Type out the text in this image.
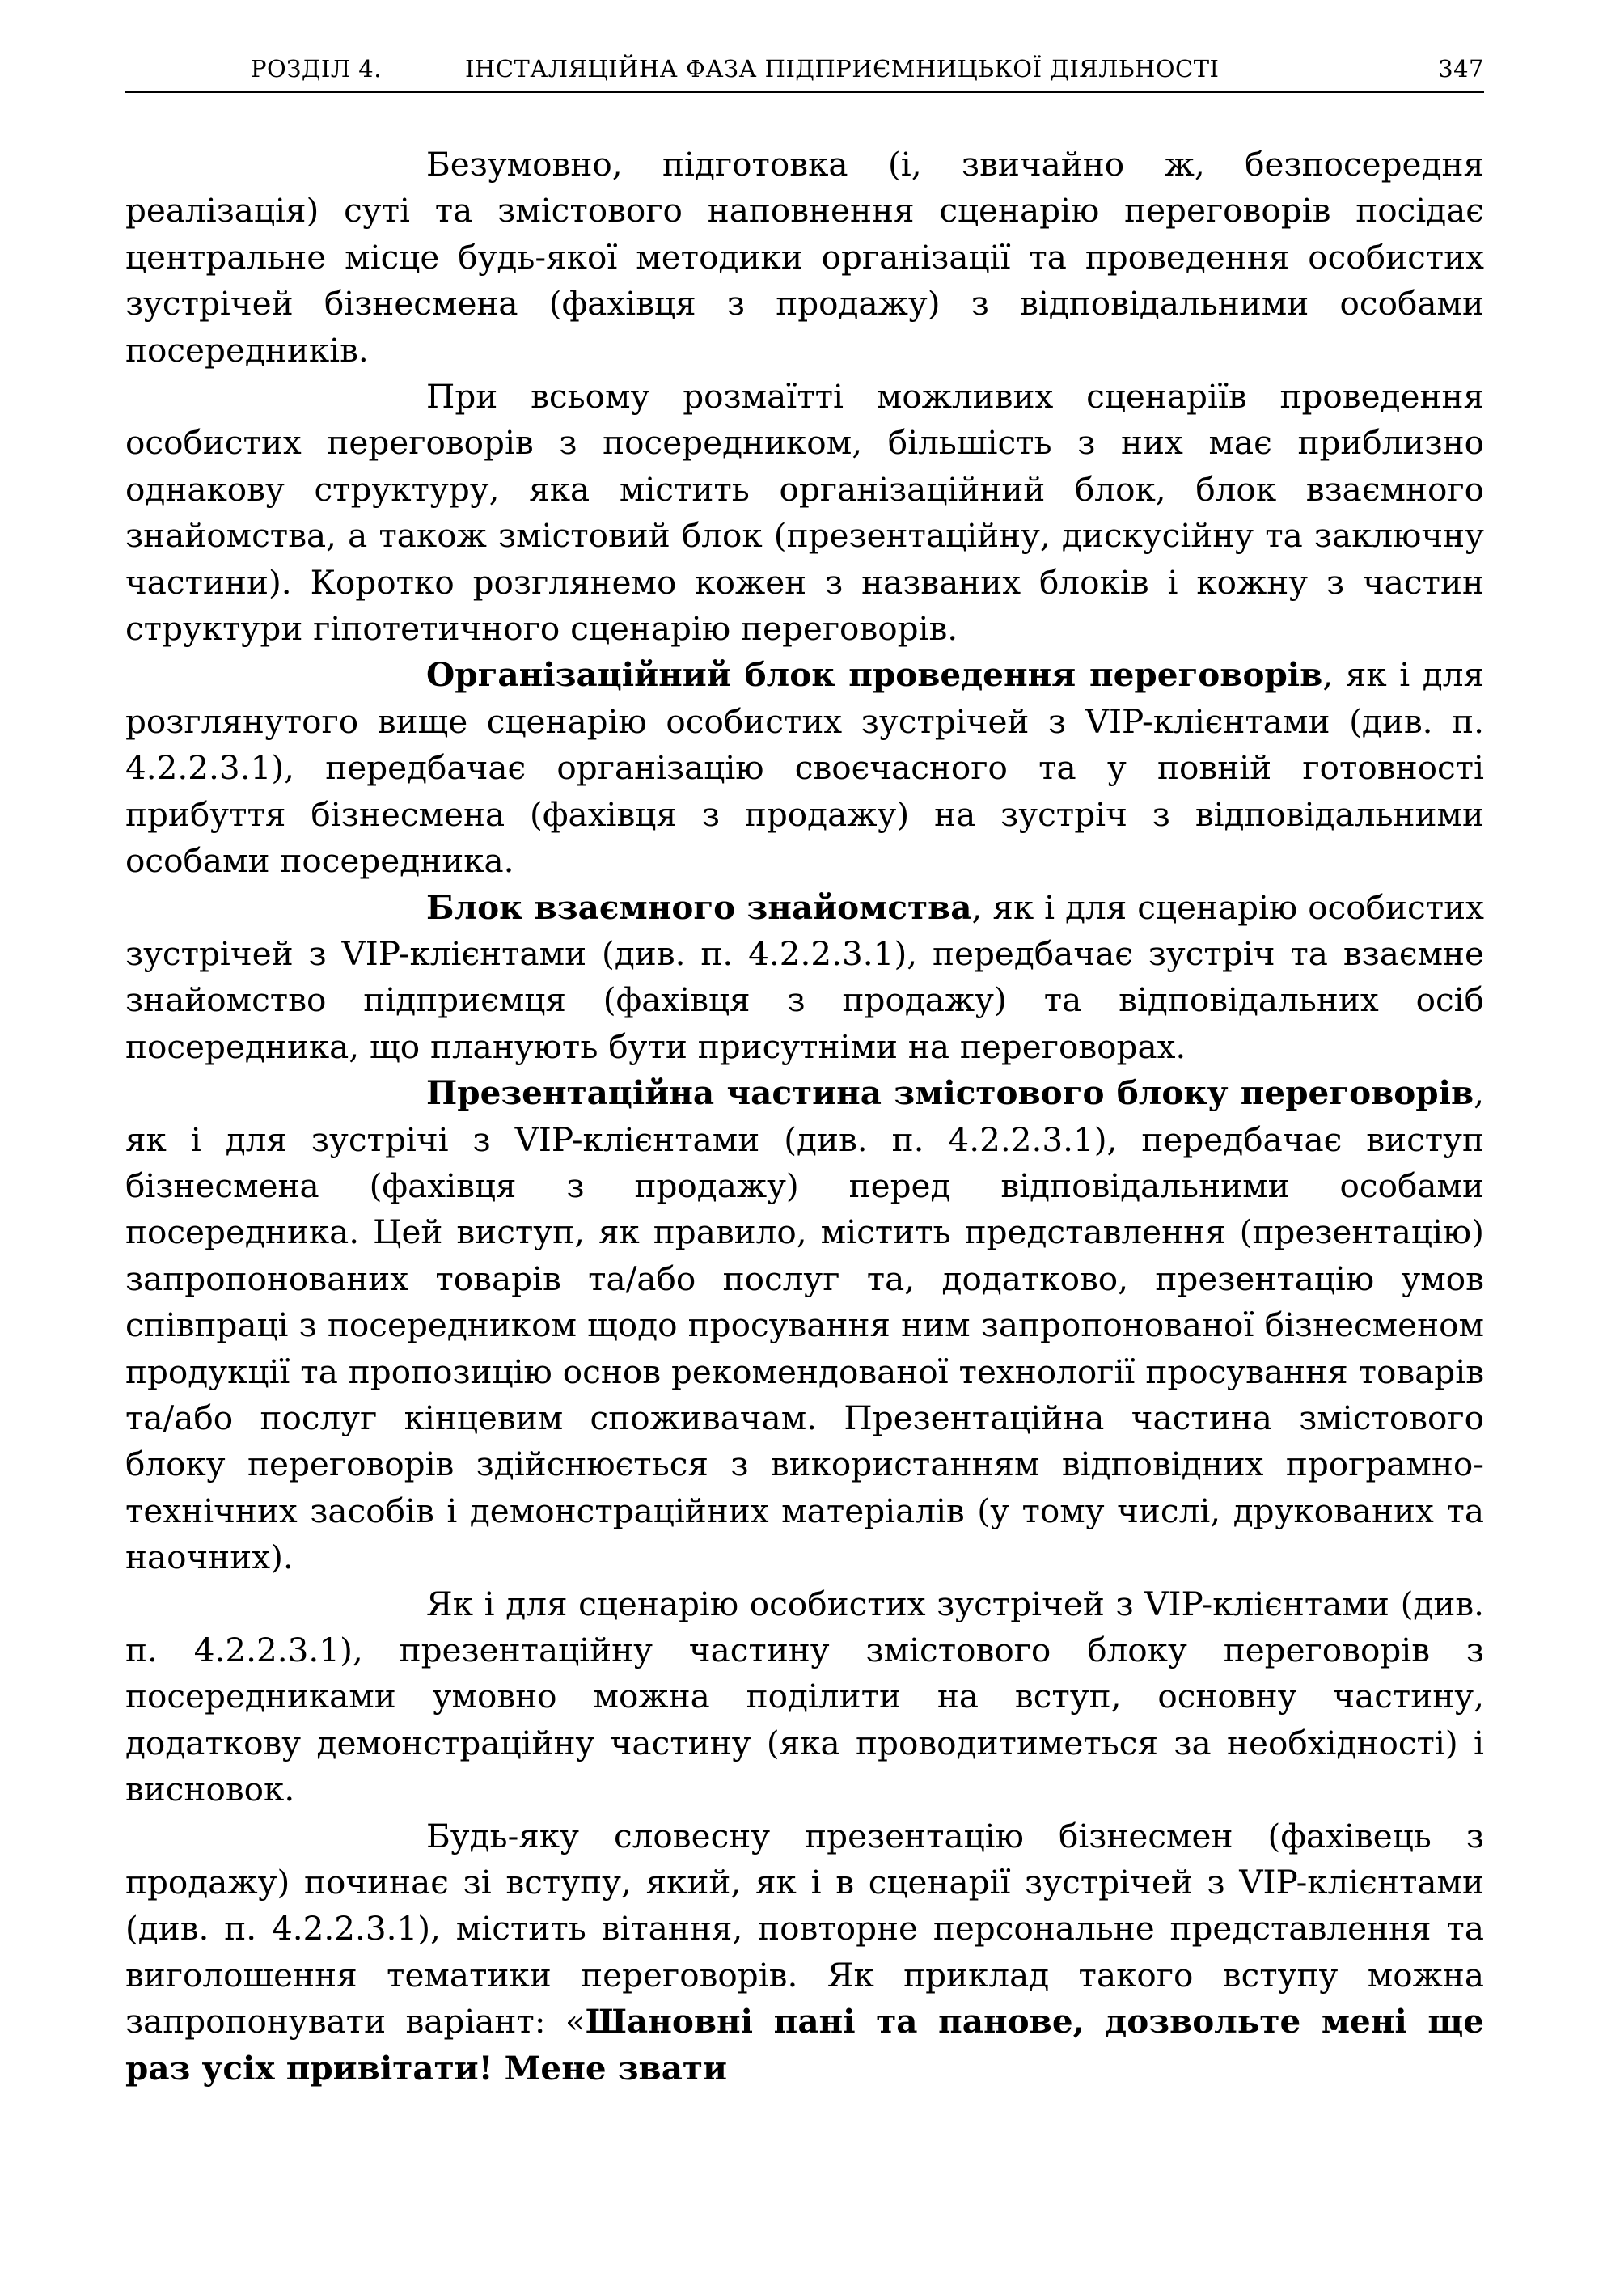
РОЗДІЛ 4.	ІНСТАЛЯЦІЙНА ФАЗА ПІДПРИЄМНИЦЬКОЇ ДІЯЛЬНОСТІ	347

Безумовно, підготовка (і, звичайно ж, безпосередня реалізація) суті та змістового наповнення сценарію переговорів посідає центральне місце будь-якої методики організації та проведення особистих зустрічей бізнесмена (фахівця з продажу) з відповідальними особами посередників.

При всьому розмаїтті можливих сценаріїв проведення особистих переговорів з посередником, більшість з них має приблизно однакову структуру, яка містить організаційний блок, блок взаємного знайомства, а також змістовий блок (презентаційну, дискусійну та заключну частини). Коротко розглянемо кожен з названих блоків і кожну з частин структури гіпотетичного сценарію переговорів.

Організаційний блок проведення переговорів, як і для розглянутого вище сценарію особистих зустрічей з VIP-клієнтами (див. п. 4.2.2.3.1), передбачає організацію своєчасного та у повній готовності прибуття бізнесмена (фахівця з продажу) на зустріч з відповідальними особами посередника.

Блок взаємного знайомства, як і для сценарію особистих зустрічей з VIP-клієнтами (див. п. 4.2.2.3.1), передбачає зустріч та взаємне знайомство підприємця (фахівця з продажу) та відповідальних осіб посередника, що планують бути присутніми на переговорах.

Презентаційна частина змістового блоку переговорів, як і для зустрічі з VIP-клієнтами (див. п. 4.2.2.3.1), передбачає виступ бізнесмена (фахівця з продажу) перед відповідальними особами посередника. Цей виступ, як правило, містить представлення (презентацію) запропонованих товарів та/або послуг та, додатково, презентацію умов співпраці з посередником щодо просування ним запропонованої бізнесменом продукції та пропозицію основ рекомендованої технології просування товарів та/або послуг кінцевим споживачам. Презентаційна частина змістового блоку переговорів здійснюється з використанням відповідних програмно-технічних засобів і демонстраційних матеріалів (у тому числі, друкованих та наочних).

Як і для сценарію особистих зустрічей з VIP-клієнтами (див. п. 4.2.2.3.1), презентаційну частину змістового блоку переговорів з посередниками умовно можна поділити на вступ, основну частину, додаткову демонстраційну частину (яка проводитиметься за необхідності) і висновок.

Будь-яку словесну презентацію бізнесмен (фахівець з продажу) починає зі вступу, який, як і в сценарії зустрічей з VIP-клієнтами (див. п. 4.2.2.3.1), містить вітання, повторне персональне представлення та виголошення тематики переговорів. Як приклад такого вступу можна запропонувати варіант: «Шановні пані та панове, дозвольте мені ще раз усіх привітати! Мене звати
